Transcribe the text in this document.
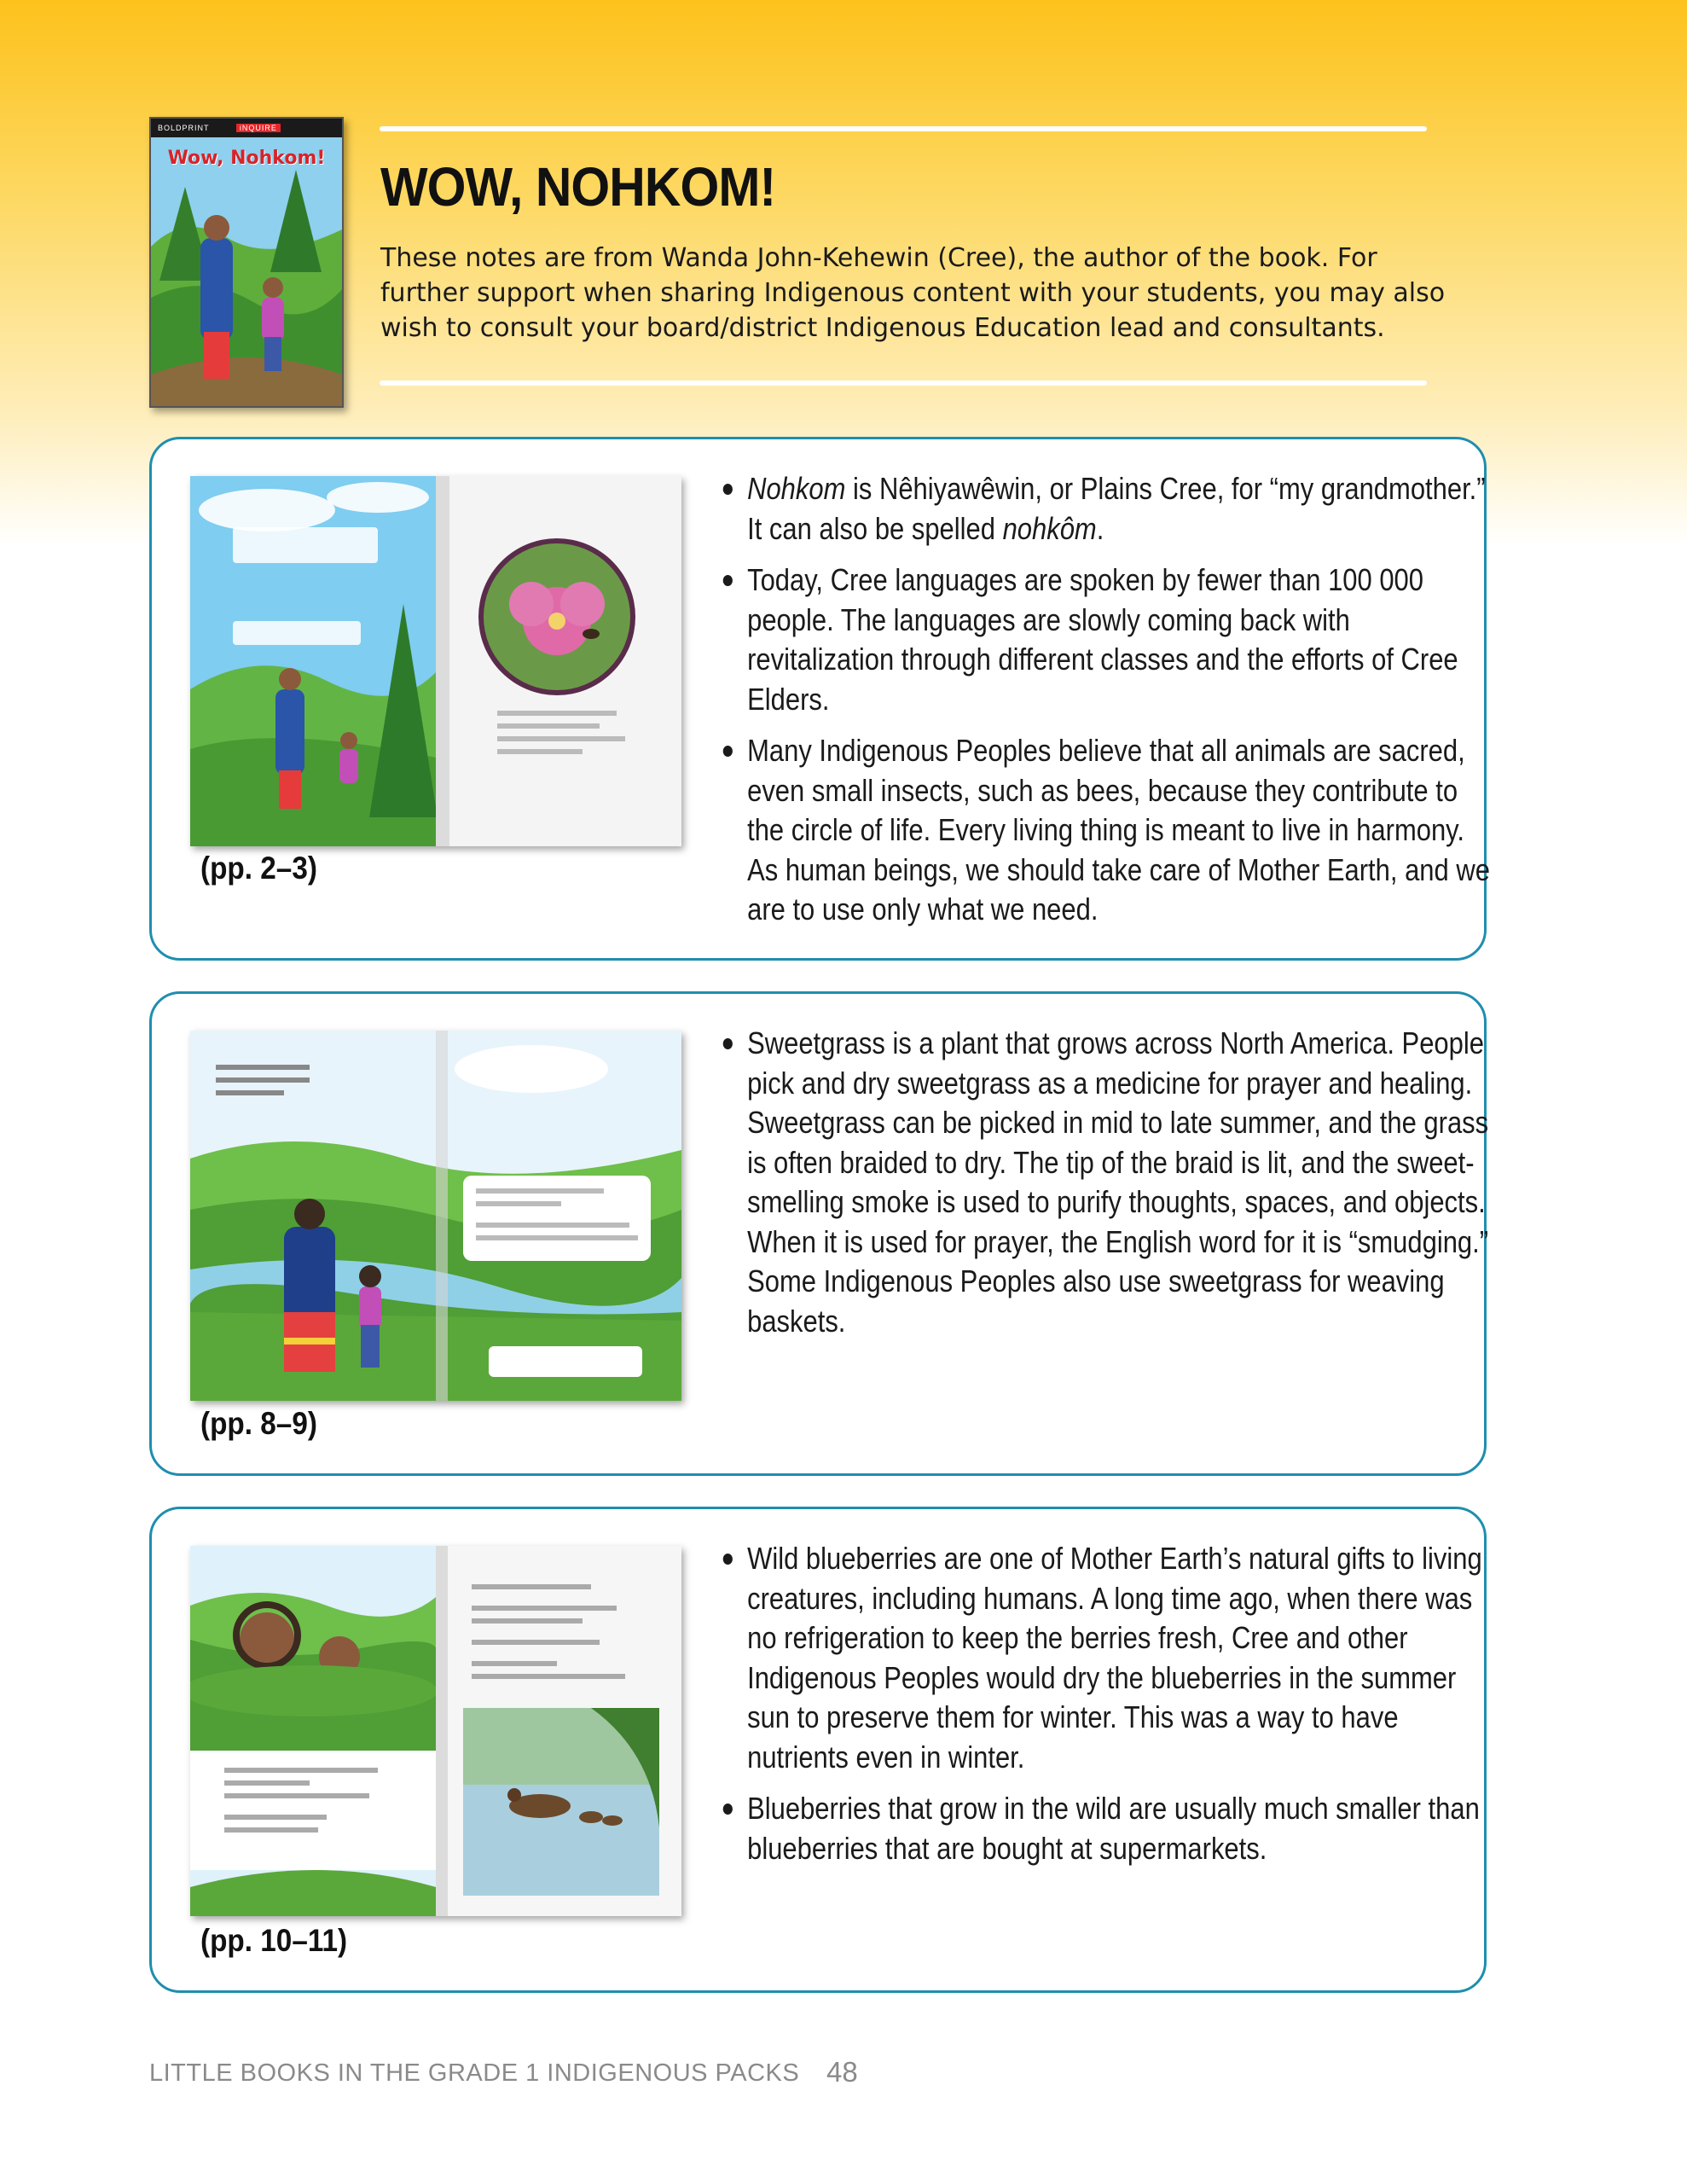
BOLDPRINT	iNQUIRE
Wow, Nohkom!	WOW, NOHKOM!

These notes are from Wanda John-Kehewin (Cree), the author of the book. For further support when sharing Indigenous content with your students, you may also wish to consult your board/district Indigenous Education lead and consultants.

(pp. 2–3)

Nohkom is Nêhiyawêwin, or Plains Cree, for “my grandmother.” It can also be spelled nohkôm.
Today, Cree languages are spoken by fewer than 100 000 people. The languages are slowly coming back with revitalization through different classes and the efforts of Cree Elders.
Many Indigenous Peoples believe that all animals are sacred, even small insects, such as bees, because they contribute to the circle of life. Every living thing is meant to live in harmony. As human beings, we should take care of Mother Earth, and we are to use only what we need.

(pp. 8–9)

Sweetgrass is a plant that grows across North America. People pick and dry sweetgrass as a medicine for prayer and healing. Sweetgrass can be picked in mid to late summer, and the grass is often braided to dry. The tip of the braid is lit, and the sweet-smelling smoke is used to purify thoughts, spaces, and objects. When it is used for prayer, the English word for it is “smudging.” Some Indigenous Peoples also use sweetgrass for weaving baskets.

(pp. 10–11)

Wild blueberries are one of Mother Earth’s natural gifts to living creatures, including humans. A long time ago, when there was no refrigeration to keep the berries fresh, Cree and other Indigenous Peoples would dry the blueberries in the summer sun to preserve them for winter. This was a way to have nutrients even in winter.
Blueberries that grow in the wild are usually much smaller than blueberries that are bought at supermarkets.

LITTLE BOOKS IN THE GRADE 1 INDIGENOUS PACKS 48
